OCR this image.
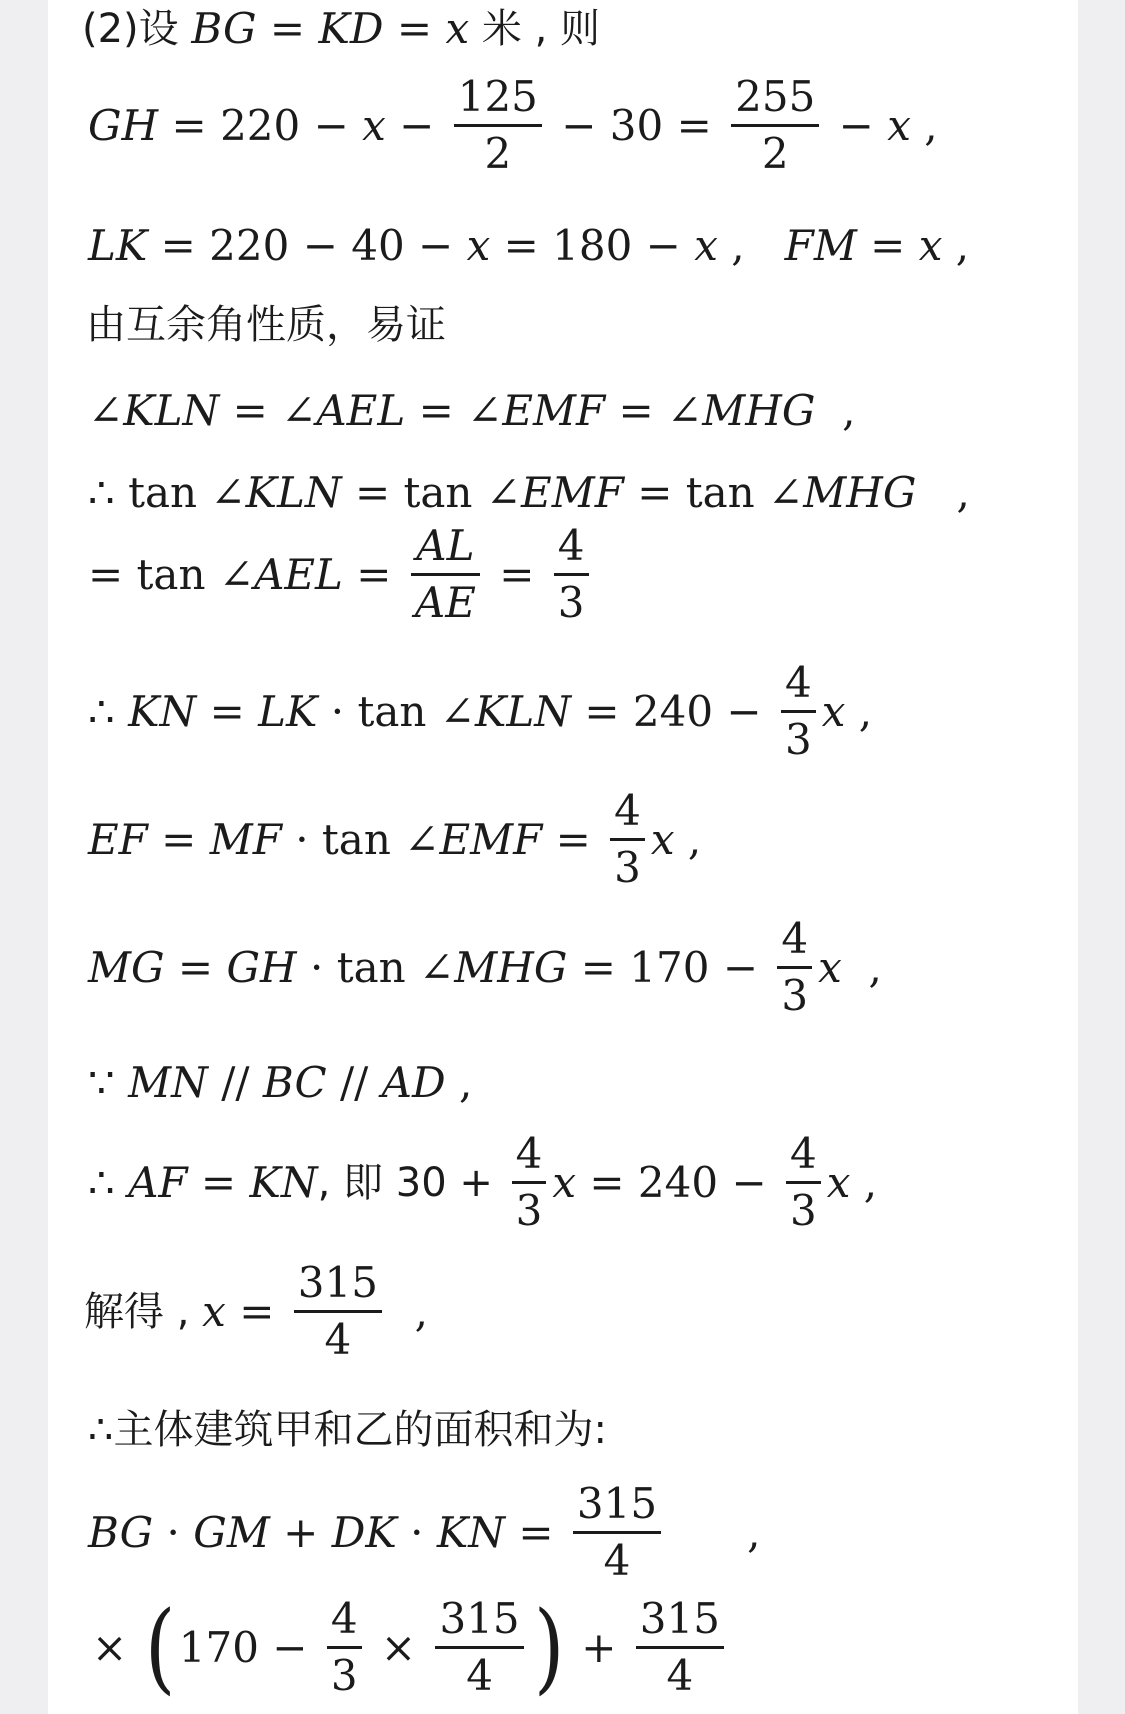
(2)设 BG = KD = x 米 , 则
GH = $220 - x - \frac{125}{2} - 30 = \frac{255}{2} - x$ ,
LK = 220 − 40 − x = 180 − x , FM = x ,
由互余角性质，易证
∠ KLN = ∠ AEL = ∠ EMF = ∠ MHG ,
∴ tan ∠ KLN = tan ∠ EMF = tan ∠ MHG ,
= tan ∠ AEL = $\frac{AL}{AE} = \frac{4}{3}$
∴ KN = LK · tan ∠ KLN = $240 - \frac{4}{3}$ x ,
EF = MF · tan ∠ EMF = $\frac{4}{3}$ x ,
MG = GH · tan ∠ MHG = $170 - \frac{4}{3}$ x ,
∵ MN // BC // AD ,
∴ AF = KN , 即 $30 + \frac{4}{3}$ $x = 240 - \frac{4}{3}$ x ,
解得 , $x = \frac{315}{4}$ ,
∴主体建筑甲和乙的面积和为:
BG · GM + DK · KN = $\frac{315}{4}$ ,
× ( $170 - \frac{4}{3} \times \frac{315}{4}$ ) + $\frac{315}{4}$
